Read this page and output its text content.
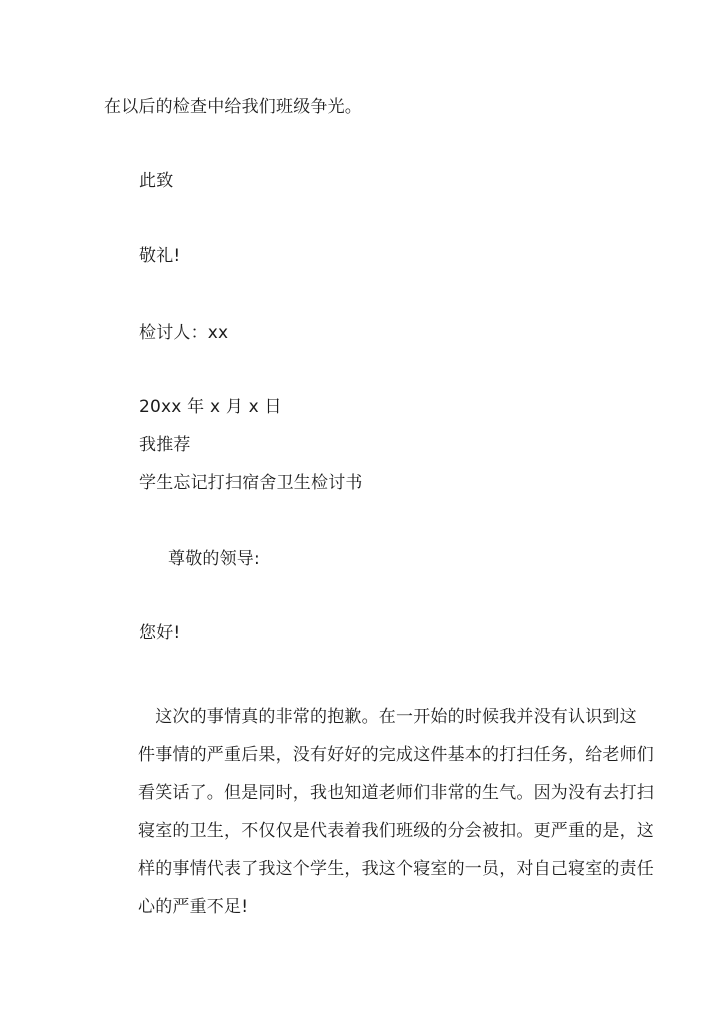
在以后的检查中给我们班级争光。
此致
敬礼!
检讨人：xx
20xx 年 x 月 x 日
我推荐
学生忘记打扫宿舍卫生检讨书
尊敬的领导:
您好!
　这次的事情真的非常的抱歉。在一开始的时候我并没有认识到这
件事情的严重后果，没有好好的完成这件基本的打扫任务，给老师们
看笑话了。但是同时，我也知道老师们非常的生气。因为没有去打扫
寝室的卫生，不仅仅是代表着我们班级的分会被扣。更严重的是，这
样的事情代表了我这个学生，我这个寝室的一员，对自己寝室的责任
心的严重不足!
